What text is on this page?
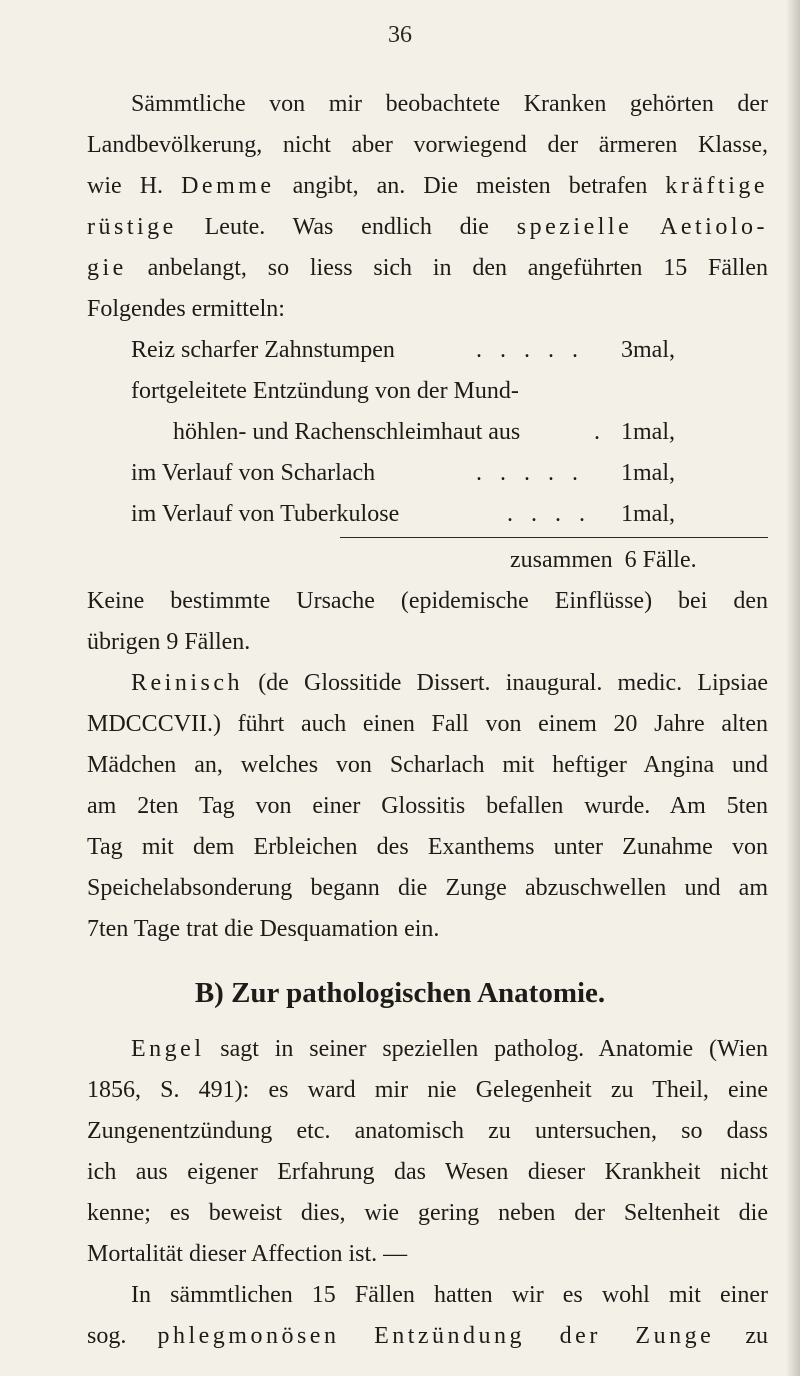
36
Sämmtliche von mir beobachtete Kranken gehörten der
Landbevölkerung, nicht aber vorwiegend der ärmeren Klasse,
wie H. Demme angibt, an. Die meisten betrafen kräftige
rüstige Leute. Was endlich die spezielle Aetiolo-
gie anbelangt, so liess sich in den angeführten 15 Fällen
Folgendes ermitteln:
Reiz scharfer Zahnstumpen	. . . . . 3mal,
fortgeleitete Entzündung von der Mund-
höhlen- und Rachenschleimhaut aus	. 1mal,
im Verlauf von Scharlach	. . . . . 1mal,
im Verlauf von Tuberkulose	. . . . 1mal,
zusammen  6 Fälle.
Keine bestimmte Ursache (epidemische Einflüsse) bei den
übrigen 9 Fällen.
Reinisch (de Glossitide Dissert. inaugural. medic. Lipsiae
MDCCCVII.) führt auch einen Fall von einem 20 Jahre alten
Mädchen an, welches von Scharlach mit heftiger Angina und
am 2ten Tag von einer Glossitis befallen wurde. Am 5ten
Tag mit dem Erbleichen des Exanthems unter Zunahme von
Speichelabsonderung begann die Zunge abzuschwellen und am
7ten Tage trat die Desquamation ein.
B) Zur pathologischen Anatomie.
Engel sagt in seiner speziellen patholog. Anatomie (Wien
1856, S. 491): es ward mir nie Gelegenheit zu Theil, eine
Zungenentzündung etc. anatomisch zu untersuchen, so dass
ich aus eigener Erfahrung das Wesen dieser Krankheit nicht
kenne; es beweist dies, wie gering neben der Seltenheit die
Mortalität dieser Affection ist. —
In sämmtlichen 15 Fällen hatten wir es wohl mit einer
sog. phlegmonösen Entzündung der Zunge zu
